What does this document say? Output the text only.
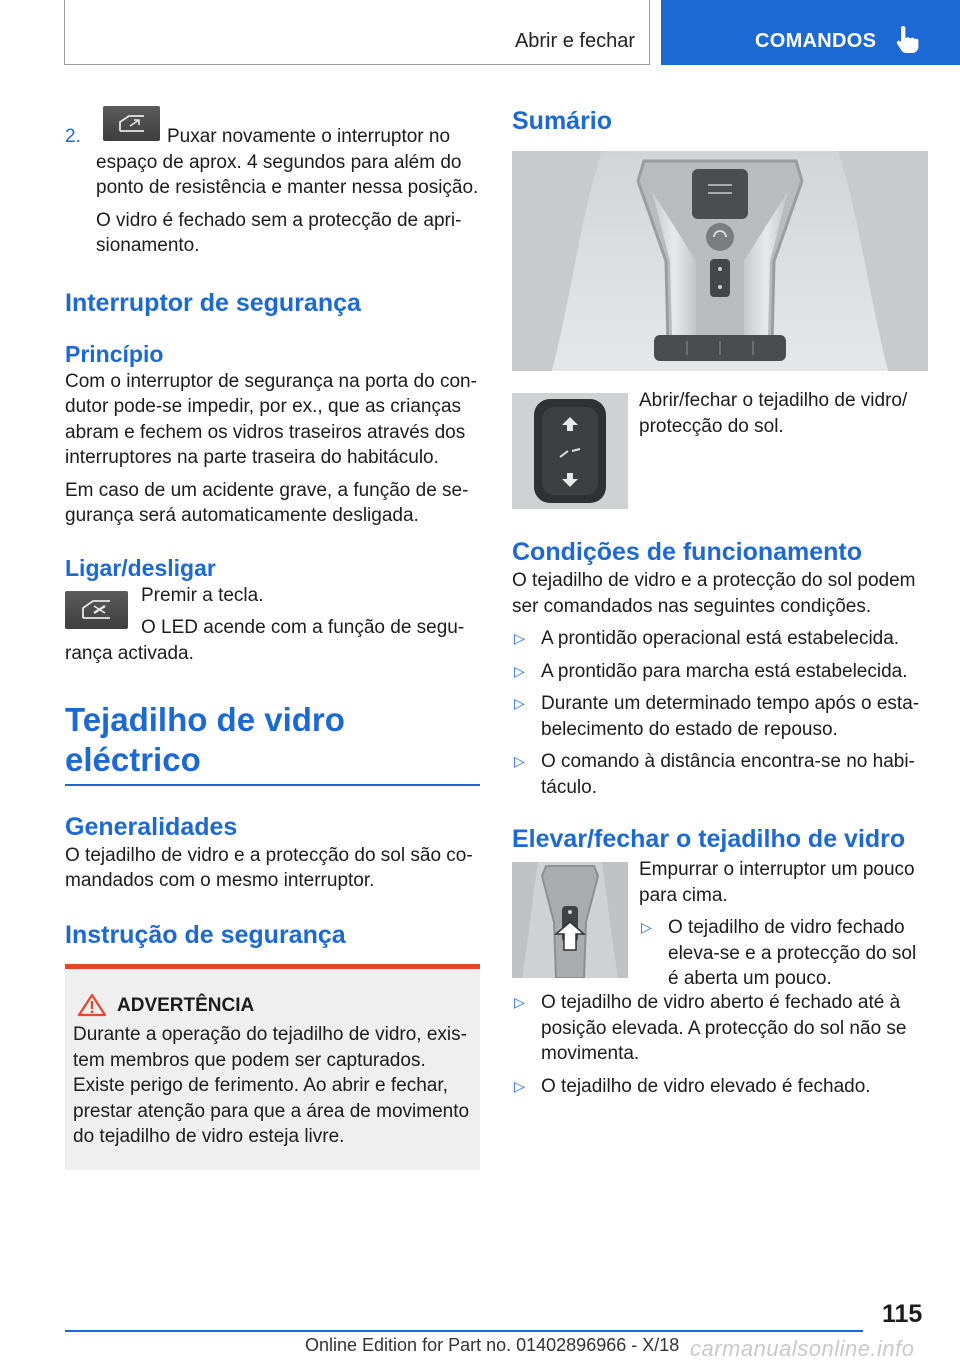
Abrir e fechar	COMANDOS
2.	Puxar novamente o interruptor no espaço de aprox. 4 segundos para além do ponto de resistência e manter nessa posição.

O vidro é fechado sem a protecção de apri‐ sionamento.

Interruptor de segurança
Princípio

Com o interruptor de segurança na porta do con‐ dutor pode-se impedir, por ex., que as crianças abram e fechem os vidros traseiros através dos interruptores na parte traseira do habitáculo.

Em caso de um acidente grave, a função de se‐ gurança será automaticamente desligada.

Ligar/desligar

Premir a tecla.

O LED acende com a função de segu‐ rança activada.

Tejadilho de vidro eléctrico
Generalidades

O tejadilho de vidro e a protecção do sol são co‐ mandados com o mesmo interruptor.

Instrução de segurança
ADVERTÊNCIA

Durante a operação do tejadilho de vidro, exis‐ tem membros que podem ser capturados. Existe perigo de ferimento. Ao abrir e fechar, prestar atenção para que a área de movimento do tejadilho de vidro esteja livre.

Sumário

Abrir/fechar o tejadilho de vidro/ protecção do sol.

Condições de funcionamento

O tejadilho de vidro e a protecção do sol podem ser comandados nas seguintes condições.

▷ A prontidão operacional está estabelecida.
▷ A prontidão para marcha está estabelecida.
▷ Durante um determinado tempo após o esta‐ belecimento do estado de repouso.
▷ O comando à distância encontra-se no habi‐ táculo.
Elevar/fechar o tejadilho de vidro

Empurrar o interruptor um pouco para cima.

▷ O tejadilho de vidro fechado eleva-se e a protecção do sol é aberta um pouco.
▷ O tejadilho de vidro aberto é fechado até à posição elevada. A protecção do sol não se movimenta.
▷ O tejadilho de vidro elevado é fechado.
115
Online Edition for Part no. 01402896966 - X/18 carmanualsonline.info
